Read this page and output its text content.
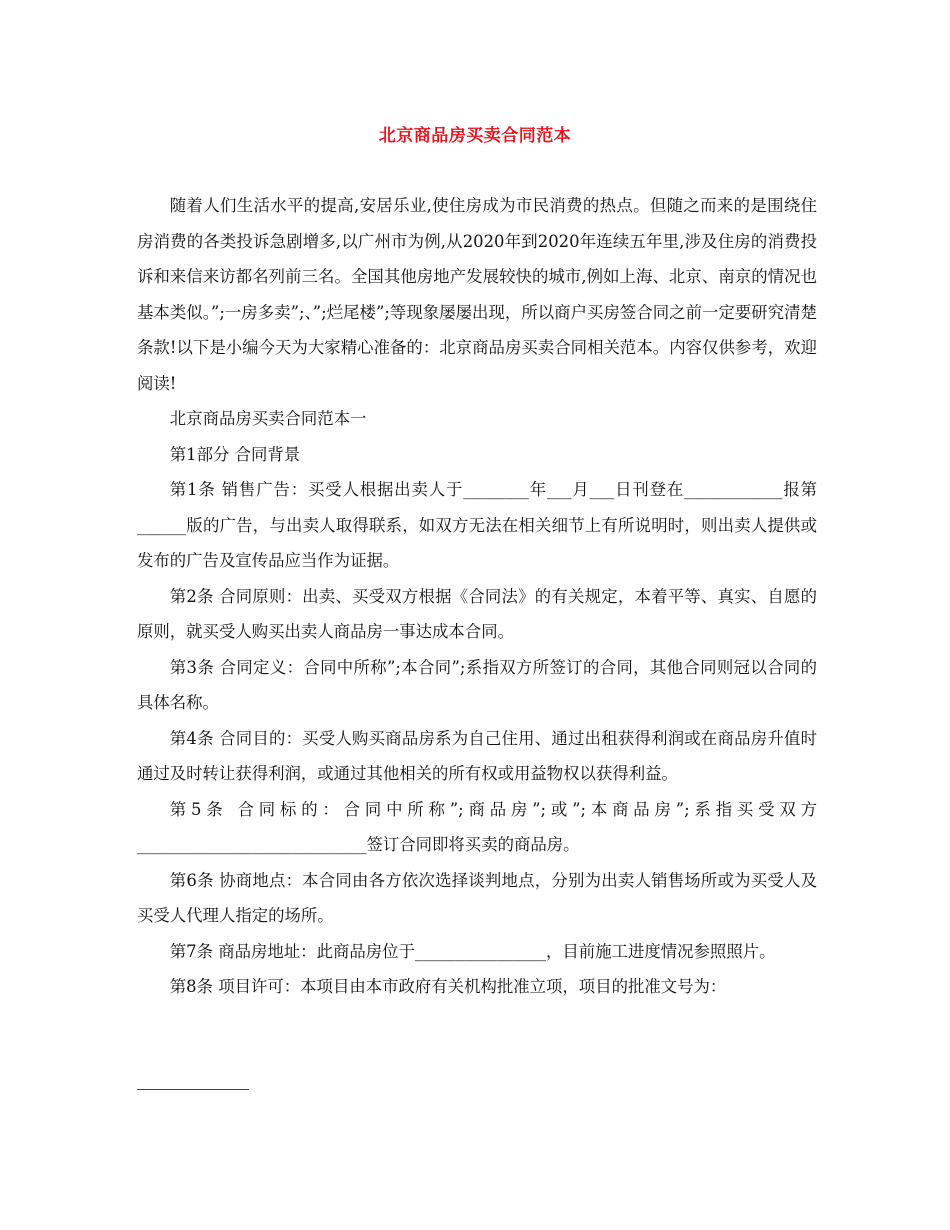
北京商品房买卖合同范本

随着人们生活水平的提高,安居乐业,使住房成为市民消费的热点。但随之而来的是围绕住房消费的各类投诉急剧增多,以广州市为例,从2020年到2020年连续五年里,涉及住房的消费投诉和来信来访都名列前三名。全国其他房地产发展较快的城市,例如上海、北京、南京的情况也基本类似。”;一房多卖”;、”;烂尾楼”;等现象屡屡出现，所以商户买房签合同之前一定要研究清楚条款!以下是小编今天为大家精心准备的：北京商品房买卖合同相关范本。内容仅供参考，欢迎阅读!

北京商品房买卖合同范本一

第1部分 合同背景

第1条 销售广告：买受人根据出卖人于________年___月___日刊登在____________报第______版的广告，与出卖人取得联系，如双方无法在相关细节上有所说明时，则出卖人提供或发布的广告及宣传品应当作为证据。

第2条 合同原则：出卖、买受双方根据《合同法》的有关规定，本着平等、真实、自愿的原则，就买受人购买出卖人商品房一事达成本合同。

第3条 合同定义：合同中所称”;本合同”;系指双方所签订的合同，其他合同则冠以合同的具体名称。

第4条 合同目的：买受人购买商品房系为自己住用、通过出租获得利润或在商品房升值时通过及时转让获得利润，或通过其他相关的所有权或用益物权以获得利益。

第5条 合同标的：合同中所称”;商品房”;或”;本商品房”;系指买受双方____________________________签订合同即将买卖的商品房。

第6条 协商地点：本合同由各方依次选择谈判地点，分别为出卖人销售场所或为买受人及买受人代理人指定的场所。

第7条 商品房地址：此商品房位于________________，目前施工进度情况参照照片。

第8条 项目许可：本项目由本市政府有关机构批准立项，项目的批准文号为：
